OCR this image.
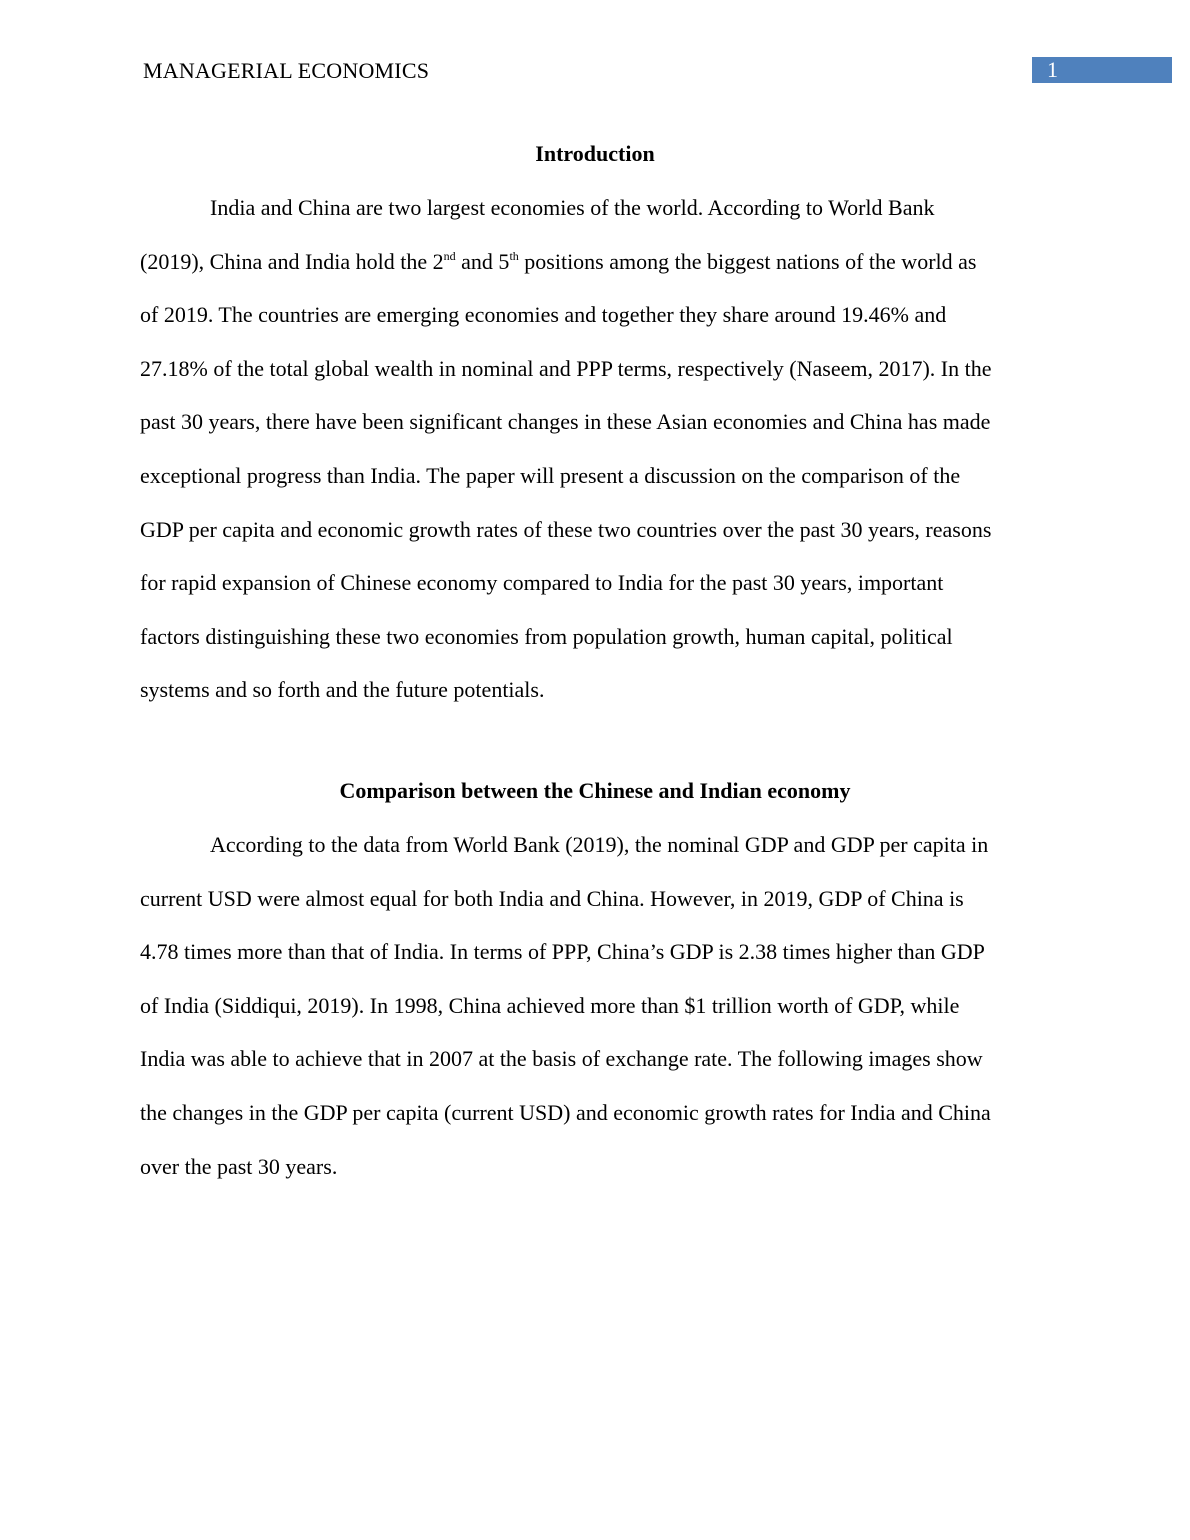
MANAGERIAL ECONOMICS	1
Introduction
India and China are two largest economies of the world. According to World Bank
(2019), China and India hold the 2nd and 5th positions among the biggest nations of the world as
of 2019. The countries are emerging economies and together they share around 19.46% and
27.18% of the total global wealth in nominal and PPP terms, respectively (Naseem, 2017). In the
past 30 years, there have been significant changes in these Asian economies and China has made
exceptional progress than India. The paper will present a discussion on the comparison of the
GDP per capita and economic growth rates of these two countries over the past 30 years, reasons
for rapid expansion of Chinese economy compared to India for the past 30 years, important
factors distinguishing these two economies from population growth, human capital, political
systems and so forth and the future potentials.
Comparison between the Chinese and Indian economy
According to the data from World Bank (2019), the nominal GDP and GDP per capita in
current USD were almost equal for both India and China. However, in 2019, GDP of China is
4.78 times more than that of India. In terms of PPP, China’s GDP is 2.38 times higher than GDP
of India (Siddiqui, 2019). In 1998, China achieved more than $1 trillion worth of GDP, while
India was able to achieve that in 2007 at the basis of exchange rate. The following images show
the changes in the GDP per capita (current USD) and economic growth rates for India and China
over the past 30 years.
